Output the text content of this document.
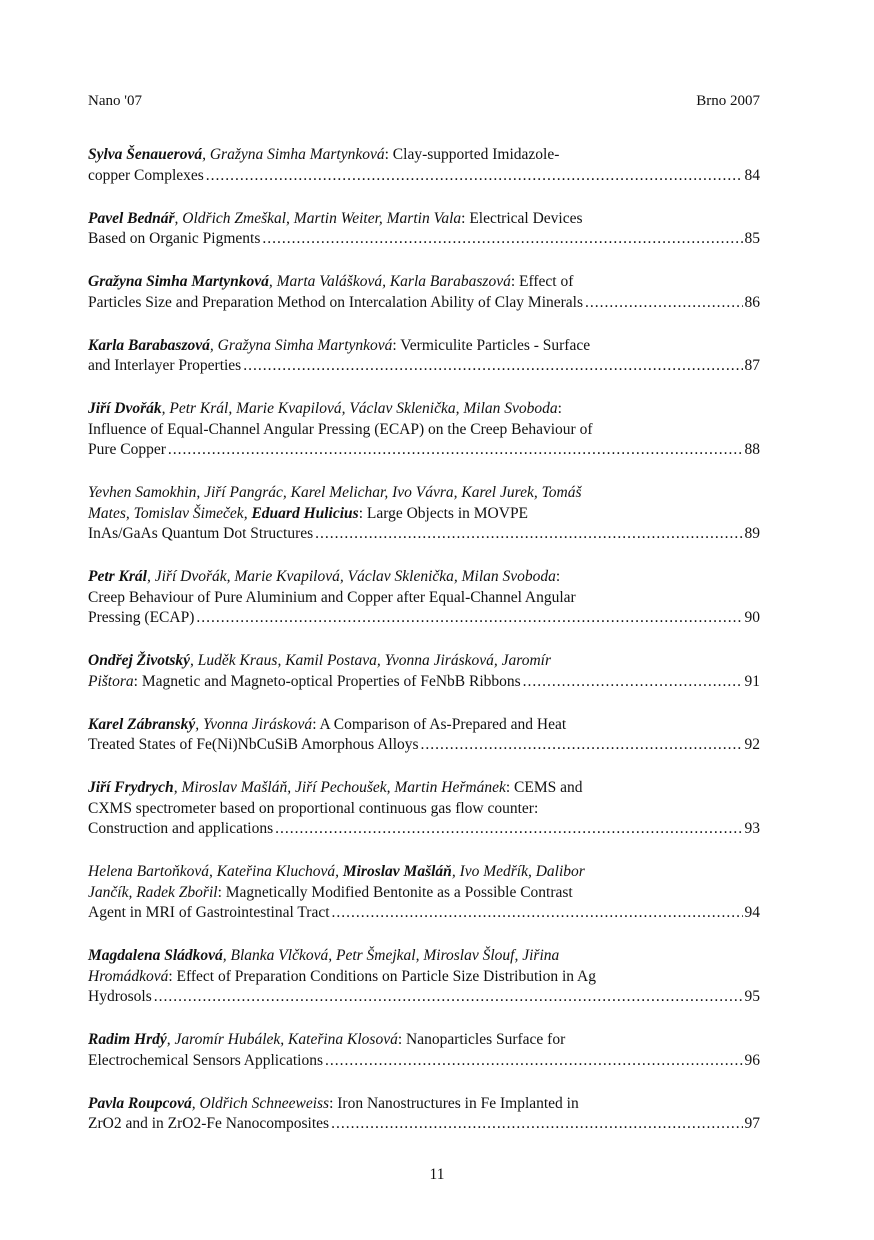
Nano '07	Brno 2007
Sylva Šenauerová, Gražyna Simha Martynková: Clay-supported Imidazole-
copper Complexes .....	84
Pavel Bednář, Oldřich Zmeškal, Martin Weiter, Martin Vala: Electrical Devices
Based on Organic Pigments .....	85
Gražyna Simha Martynková, Marta Valášková, Karla Barabaszová: Effect of
Particles Size and Preparation Method on Intercalation Ability of Clay Minerals .....	86
Karla Barabaszová, Gražyna Simha Martynková: Vermiculite Particles - Surface
and Interlayer Properties .....	87
Jiří Dvořák, Petr Král, Marie Kvapilová, Václav Sklenička, Milan Svoboda:
Influence of Equal-Channel Angular Pressing (ECAP) on the Creep Behaviour of
Pure Copper .....	88
Yevhen Samokhin, Jiří Pangrác, Karel Melichar, Ivo Vávra, Karel Jurek, Tomáš
Mates, Tomislav Šimeček, Eduard Hulicius: Large Objects in MOVPE
InAs/GaAs Quantum Dot Structures .....	89
Petr Král, Jiří Dvořák, Marie Kvapilová, Václav Sklenička, Milan Svoboda:
Creep Behaviour of Pure Aluminium and Copper after Equal-Channel Angular
Pressing (ECAP) .....	90
Ondřej Životský, Luděk Kraus, Kamil Postava, Yvonna Jirásková, Jaromír
Pištora: Magnetic and Magneto-optical Properties of FeNbB Ribbons .....	91
Karel Zábranský, Yvonna Jirásková: A Comparison of As-Prepared and Heat
Treated States of Fe(Ni)NbCuSiB Amorphous Alloys .....	92
Jiří Frydrych, Miroslav Mašláň, Jiří Pechoušek, Martin Heřmánek: CEMS and
CXMS spectrometer based on proportional continuous gas flow counter:
Construction and applications .....	93
Helena Bartoňková, Kateřina Kluchová, Miroslav Mašláň, Ivo Medřík, Dalibor
Jančík, Radek Zbořil: Magnetically Modified Bentonite as a Possible Contrast
Agent in MRI of Gastrointestinal Tract .....	94
Magdalena Sládková, Blanka Vlčková, Petr Šmejkal, Miroslav Šlouf, Jiřina
Hromádková: Effect of Preparation Conditions on Particle Size Distribution in Ag
Hydrosols .....	95
Radim Hrdý, Jaromír Hubálek, Kateřina Klosová: Nanoparticles Surface for
Electrochemical Sensors Applications .....	96
Pavla Roupcová, Oldřich Schneeweiss: Iron Nanostructures in Fe Implanted in
ZrO2 and in ZrO2-Fe Nanocomposites .....	97
11
